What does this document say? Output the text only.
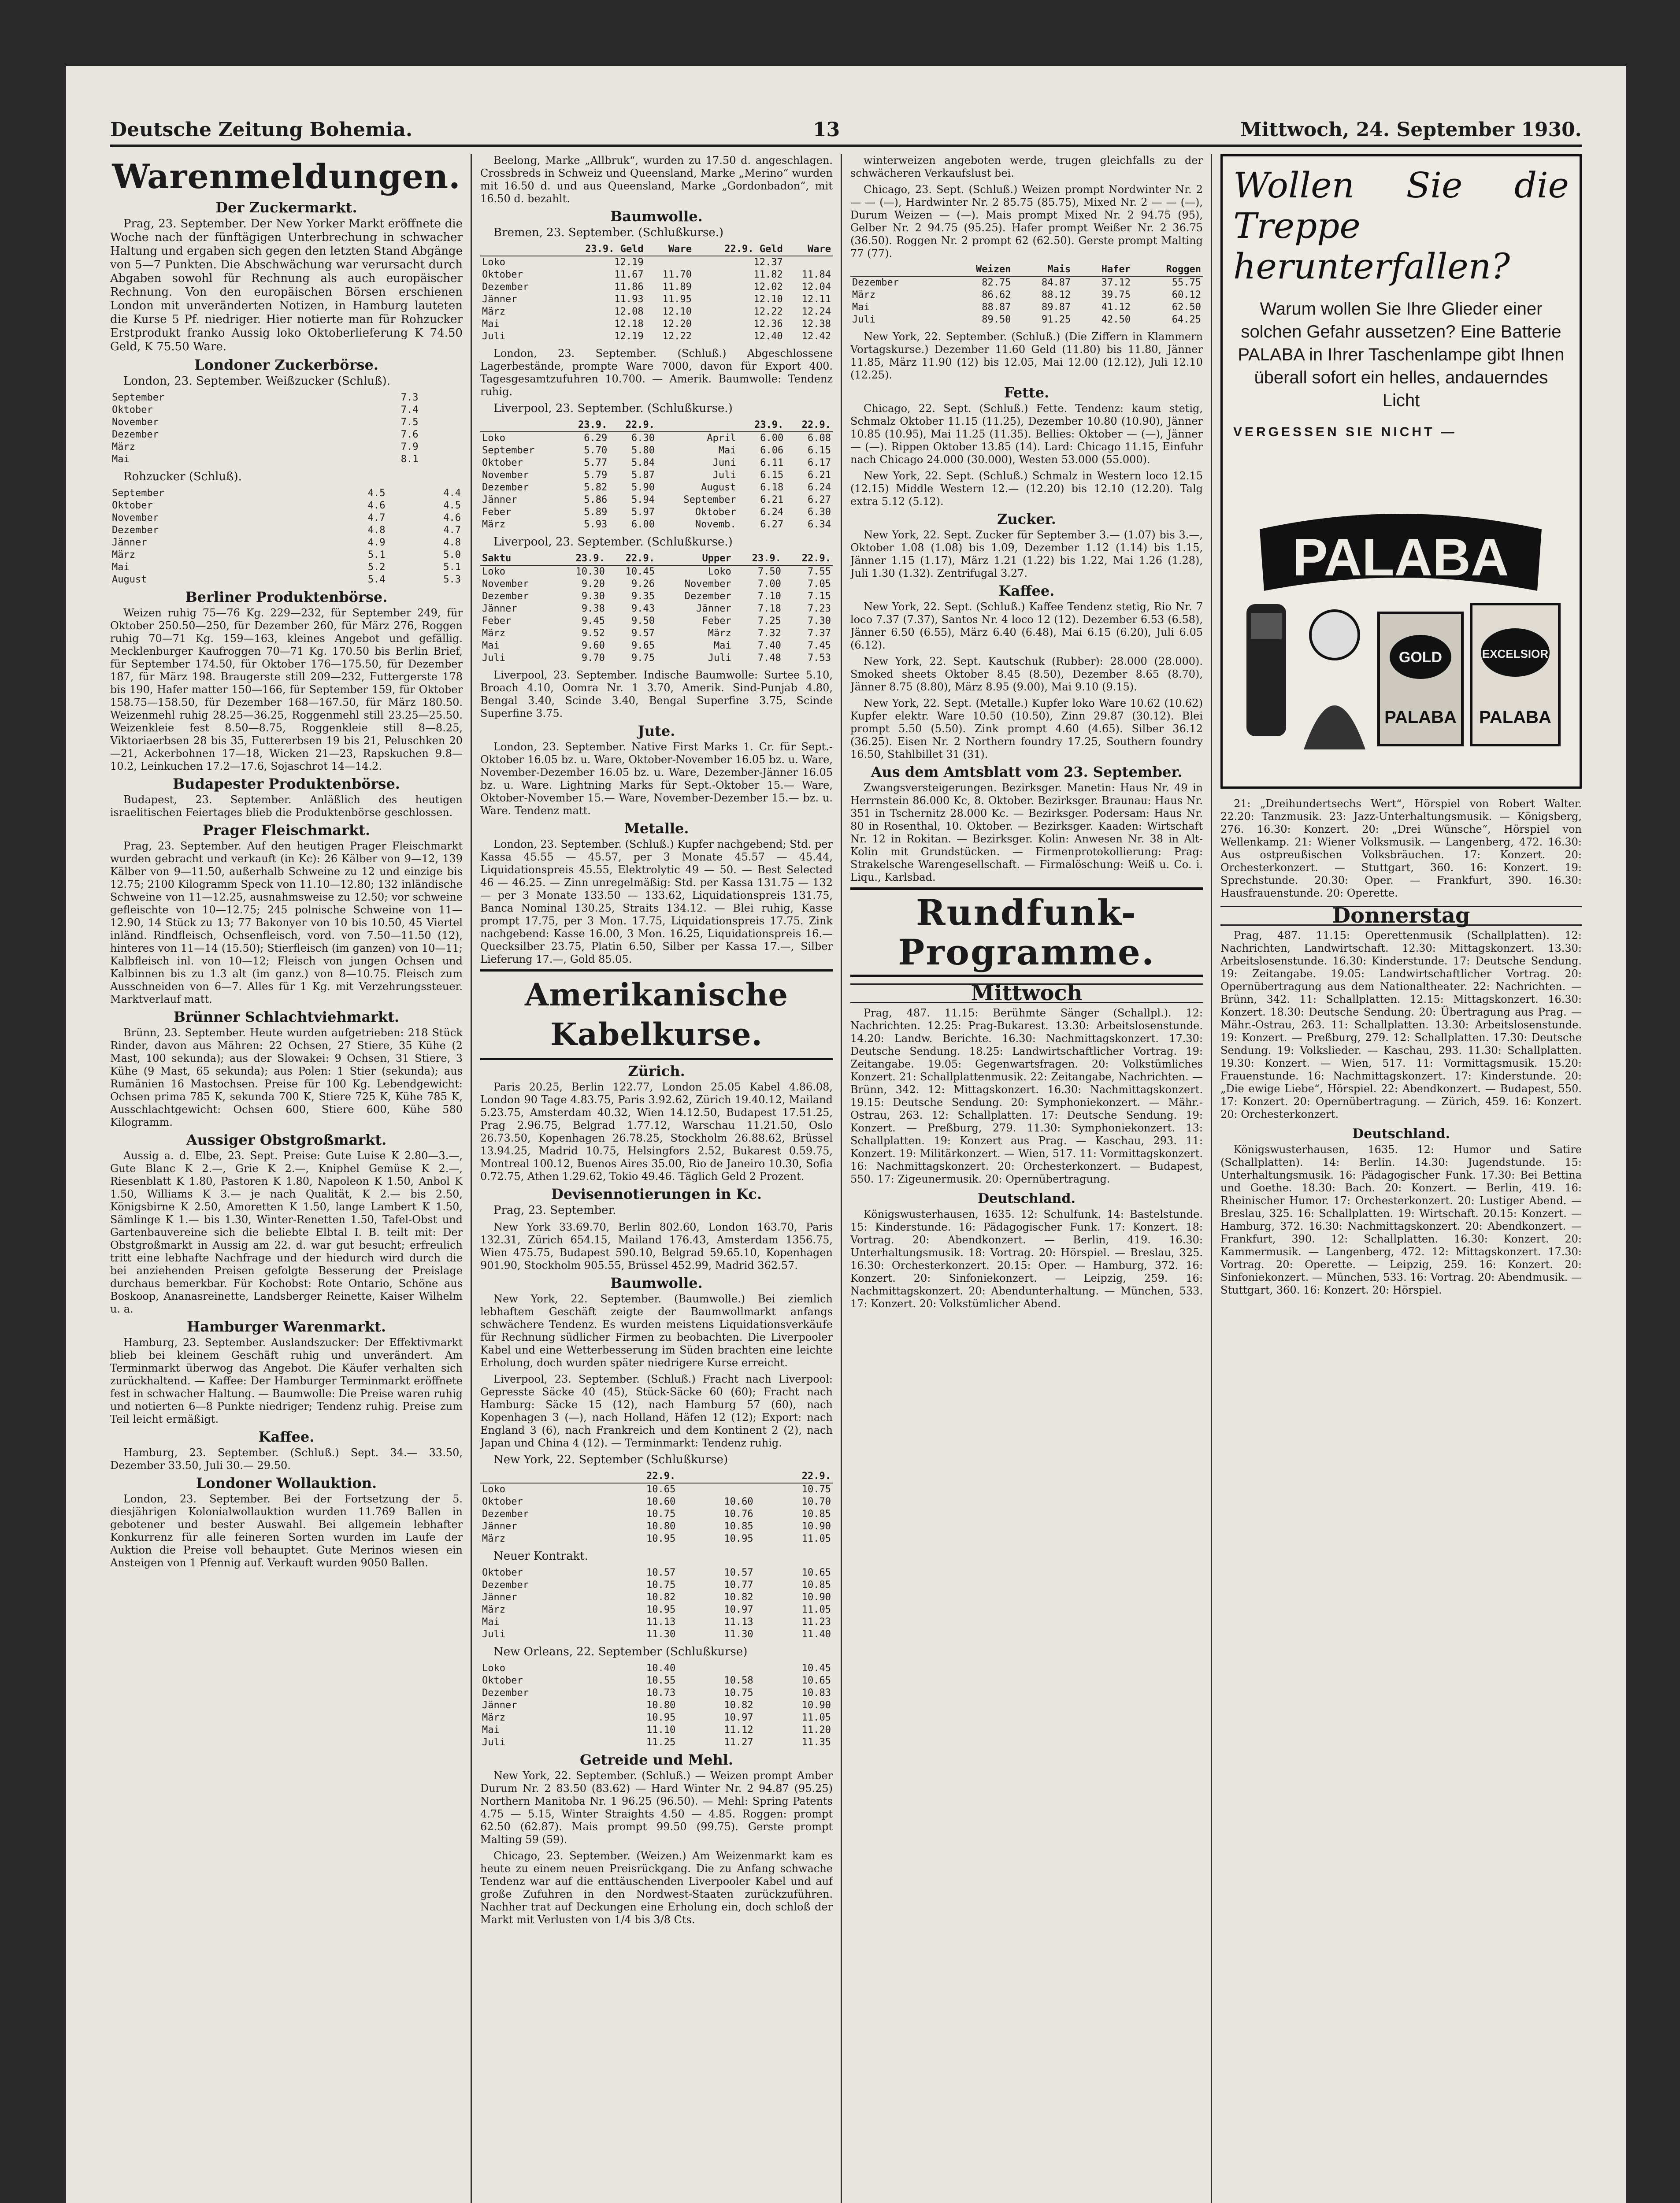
Deutsche Zeitung Bohemia.	13	Mittwoch, 24. September 1930.
Warenmeldungen.
Der Zuckermarkt.

Prag, 23. September. Der New Yorker Markt eröffnete die Woche nach der fünftägigen Unterbrechung in schwacher Haltung und ergaben sich gegen den letzten Stand Abgänge von 5—7 Punkten. Die Abschwächung war verursacht durch Abgaben sowohl für Rechnung als auch europäischer Rechnung. Von den europäischen Börsen erschienen London mit unveränderten Notizen, in Hamburg lauteten die Kurse 5 Pf. niedriger. Hier notierte man für Rohzucker Erstprodukt franko Aussig loko Oktoberlieferung K 74.50 Geld, K 75.50 Ware.

Londoner Zuckerbörse.

London, 23. September. Weißzucker (Schluß).

September	7.3			
Oktober	7.4			
November	7.5			
Dezember	7.6			
März	7.9			
Mai	8.1			

Rohzucker (Schluß).

September	4.5	4.4
Oktober	4.6	4.5
November	4.7	4.6
Dezember	4.8	4.7
Jänner	4.9	4.8
März	5.1	5.0
Mai	5.2	5.1
August	5.4	5.3
Berliner Produktenbörse.

Weizen ruhig 75—76 Kg. 229—232, für September 249, für Oktober 250.50—250, für Dezember 260, für März 276, Roggen ruhig 70—71 Kg. 159—163, kleines Angebot und gefällig. Mecklenburger Kaufroggen 70—71 Kg. 170.50 bis Berlin Brief, für September 174.50, für Oktober 176—175.50, für Dezember 187, für März 198. Braugerste still 209—232, Futtergerste 178 bis 190, Hafer matter 150—166, für September 159, für Oktober 158.75—158.50, für Dezember 168—167.50, für März 180.50. Weizenmehl ruhig 28.25—36.25, Roggenmehl still 23.25—25.50. Weizenkleie fest 8.50—8.75, Roggenkleie still 8—8.25, Viktoriaerbsen 28 bis 35, Futtererbsen 19 bis 21, Peluschken 20—21, Ackerbohnen 17—18, Wicken 21—23, Rapskuchen 9.8—10.2, Leinkuchen 17.2—17.6, Sojaschrot 14—14.2.

Budapester Produktenbörse.

Budapest, 23. September. Anläßlich des heutigen israelitischen Feiertages blieb die Produktenbörse geschlossen.

Prager Fleischmarkt.

Prag, 23. September. Auf den heutigen Prager Fleischmarkt wurden gebracht und verkauft (in Kc): 26 Kälber von 9—12, 139 Kälber von 9—11.50, außerhalb Schweine zu 12 und einzige bis 12.75; 2100 Kilogramm Speck von 11.10—12.80; 132 inländische Schweine von 11—12.25, ausnahmsweise zu 12.50; vor schweine gefleischte von 10—12.75; 245 polnische Schweine von 11—12.90, 14 Stück zu 13; 77 Bakonyer von 10 bis 10.50, 45 Viertel inländ. Rindfleisch, Ochsenfleisch, vord. von 7.50—11.50 (12), hinteres von 11—14 (15.50); Stierfleisch (im ganzen) von 10—11; Kalbfleisch inl. von 10—12; Fleisch von jungen Ochsen und Kalbinnen bis zu 1.3 alt (im ganz.) von 8—10.75. Fleisch zum Ausschneiden von 6—7. Alles für 1 Kg. mit Verzehrungssteuer. Marktverlauf matt.

Brünner Schlachtviehmarkt.

Brünn, 23. September. Heute wurden aufgetrieben: 218 Stück Rinder, davon aus Mähren: 22 Ochsen, 27 Stiere, 35 Kühe (2 Mast, 100 sekunda); aus der Slowakei: 9 Ochsen, 31 Stiere, 3 Kühe (9 Mast, 65 sekunda); aus Polen: 1 Stier (sekunda); aus Rumänien 16 Mastochsen. Preise für 100 Kg. Lebendgewicht: Ochsen prima 785 K, sekunda 700 K, Stiere 725 K, Kühe 785 K, Ausschlachtgewicht: Ochsen 600, Stiere 600, Kühe 580 Kilogramm.

Aussiger Obstgroßmarkt.

Aussig a. d. Elbe, 23. Sept. Preise: Gute Luise K 2.80—3.—, Gute Blanc K 2.—, Grie K 2.—, Kniphel Gemüse K 2.—, Riesenblatt K 1.80, Pastoren K 1.80, Napoleon K 1.50, Anbol K 1.50, Williams K 3.— je nach Qualität, K 2.— bis 2.50, Königsbirne K 2.50, Amoretten K 1.50, lange Lambert K 1.50, Sämlinge K 1.— bis 1.30, Winter-Renetten 1.50, Tafel-Obst und Gartenbauvereine sich die beliebte Elbtal I. B. teilt mit: Der Obstgroßmarkt in Aussig am 22. d. war gut besucht; erfreulich tritt eine lebhafte Nachfrage und der hiedurch wird durch die bei anziehenden Preisen gefolgte Besserung der Preislage durchaus bemerkbar. Für Kochobst: Rote Ontario, Schöne aus Boskoop, Ananasreinette, Landsberger Reinette, Kaiser Wilhelm u. a.

Hamburger Warenmarkt.

Hamburg, 23. September. Auslandszucker: Der Effektivmarkt blieb bei kleinem Geschäft ruhig und unverändert. Am Terminmarkt überwog das Angebot. Die Käufer verhalten sich zurückhaltend. — Kaffee: Der Hamburger Terminmarkt eröffnete fest in schwacher Haltung. — Baumwolle: Die Preise waren ruhig und notierten 6—8 Punkte niedriger; Tendenz ruhig. Preise zum Teil leicht ermäßigt.

Kaffee.

Hamburg, 23. September. (Schluß.) Sept. 34.— 33.50, Dezember 33.50, Juli 30.— 29.50.

Londoner Wollauktion.

London, 23. September. Bei der Fortsetzung der 5. diesjährigen Kolonialwollauktion wurden 11.769 Ballen in gebotener und bester Auswahl. Bei allgemein lebhafter Konkurrenz für alle feineren Sorten wurden im Laufe der Auktion die Preise voll behauptet. Gute Merinos wiesen ein Ansteigen von 1 Pfennig auf. Verkauft wurden 9050 Ballen.

Beelong, Marke „Allbruk“, wurden zu 17.50 d. angeschlagen. Crossbreds in Schweiz und Queensland, Marke „Merino“ wurden mit 16.50 d. und aus Queensland, Marke „Gordonbadon“, mit 16.50 d. bezahlt.

Baumwolle.

Bremen, 23. September. (Schlußkurse.)

	23.9. Geld	Ware	22.9. Geld	Ware
Loko	12.19		12.37	
Oktober	11.67	11.70	11.82	11.84
Dezember	11.86	11.89	12.02	12.04
Jänner	11.93	11.95	12.10	12.11
März	12.08	12.10	12.22	12.24
Mai	12.18	12.20	12.36	12.38
Juli	12.19	12.22	12.40	12.42

London, 23. September. (Schluß.) Abgeschlossene Lagerbestände, prompte Ware 7000, davon für Export 400. Tagesgesamtzufuhren 10.700. — Amerik. Baumwolle: Tendenz ruhig.

Liverpool, 23. September. (Schlußkurse.)

	23.9.	22.9.		23.9.	22.9.
Loko	6.29	6.30	April	6.00	6.08
September	5.70	5.80	Mai	6.06	6.15
Oktober	5.77	5.84	Juni	6.11	6.17
November	5.79	5.87	Juli	6.15	6.21
Dezember	5.82	5.90	August	6.18	6.24
Jänner	5.86	5.94	September	6.21	6.27
Feber	5.89	5.97	Oktober	6.24	6.30
März	5.93	6.00	Novemb.	6.27	6.34

Liverpool, 23. September. (Schlußkurse.)

Saktu	23.9.	22.9.	Upper	23.9.	22.9.
Loko	10.30	10.45	Loko	7.50	7.55
November	9.20	9.26	November	7.00	7.05
Dezember	9.30	9.35	Dezember	7.10	7.15
Jänner	9.38	9.43	Jänner	7.18	7.23
Feber	9.45	9.50	Feber	7.25	7.30
März	9.52	9.57	März	7.32	7.37
Mai	9.60	9.65	Mai	7.40	7.45
Juli	9.70	9.75	Juli	7.48	7.53

Liverpool, 23. September. Indische Baumwolle: Surtee 5.10, Broach 4.10, Oomra Nr. 1 3.70, Amerik. Sind-Punjab 4.80, Bengal 3.40, Scinde 3.40, Bengal Superfine 3.75, Scinde Superfine 3.75.

Jute.

London, 23. September. Native First Marks 1. Cr. für Sept.-Oktober 16.05 bz. u. Ware, Oktober-November 16.05 bz. u. Ware, November-Dezember 16.05 bz. u. Ware, Dezember-Jänner 16.05 bz. u. Ware. Lightning Marks für Sept.-Oktober 15.— Ware, Oktober-November 15.— Ware, November-Dezember 15.— bz. u. Ware. Tendenz matt.

Metalle.

London, 23. September. (Schluß.) Kupfer nachgebend; Std. per Kassa 45.55 — 45.57, per 3 Monate 45.57 — 45.44, Liquidationspreis 45.55, Elektrolytic 49 — 50. — Best Selected 46 — 46.25. — Zinn unregelmäßig: Std. per Kassa 131.75 — 132 — per 3 Monate 133.50 — 133.62, Liquidationspreis 131.75, Banca Nominal 130.25, Straits 134.12. — Blei ruhig, Kasse prompt 17.75, per 3 Mon. 17.75, Liquidationspreis 17.75. Zink nachgebend: Kasse 16.00, 3 Mon. 16.25, Liquidationspreis 16.— Quecksilber 23.75, Platin 6.50, Silber per Kassa 17.—, Silber Lieferung 17.—, Gold 85.05.

Amerikanische Kabelkurse.
Zürich.

Paris 20.25, Berlin 122.77, London 25.05 Kabel 4.86.08, London 90 Tage 4.83.75, Paris 3.92.62, Zürich 19.40.12, Mailand 5.23.75, Amsterdam 40.32, Wien 14.12.50, Budapest 17.51.25, Prag 2.96.75, Belgrad 1.77.12, Warschau 11.21.50, Oslo 26.73.50, Kopenhagen 26.78.25, Stockholm 26.88.62, Brüssel 13.94.25, Madrid 10.75, Helsingfors 2.52, Bukarest 0.59.75, Montreal 100.12, Buenos Aires 35.00, Rio de Janeiro 10.30, Sofia 0.72.75, Athen 1.29.62, Tokio 49.46. Täglich Geld 2 Prozent.

Devisennotierungen in Kc.

Prag, 23. September.

New York 33.69.70, Berlin 802.60, London 163.70, Paris 132.31, Zürich 654.15, Mailand 176.43, Amsterdam 1356.75, Wien 475.75, Budapest 590.10, Belgrad 59.65.10, Kopenhagen 901.90, Stockholm 905.55, Brüssel 452.99, Madrid 362.57.

Baumwolle.

New York, 22. September. (Baumwolle.) Bei ziemlich lebhaftem Geschäft zeigte der Baumwollmarkt anfangs schwächere Tendenz. Es wurden meistens Liquidationsverkäufe für Rechnung südlicher Firmen zu beobachten. Die Liverpooler Kabel und eine Wetterbesserung im Süden brachten eine leichte Erholung, doch wurden später niedrigere Kurse erreicht.

Liverpool, 23. September. (Schluß.) Fracht nach Liverpool: Gepresste Säcke 40 (45), Stück-Säcke 60 (60); Fracht nach Hamburg: Säcke 15 (12), nach Hamburg 57 (60), nach Kopenhagen 3 (—), nach Holland, Häfen 12 (12); Export: nach England 3 (6), nach Frankreich und dem Kontinent 2 (2), nach Japan und China 4 (12). — Terminmarkt: Tendenz ruhig.

New York, 22. September (Schlußkurse)

	22.9.		22.9.
Loko	10.65		10.75
Oktober	10.60	10.60	10.70
Dezember	10.75	10.76	10.85
Jänner	10.80	10.85	10.90
März	10.95	10.95	11.05

Neuer Kontrakt.

Oktober	10.57	10.57	10.65
Dezember	10.75	10.77	10.85
Jänner	10.82	10.82	10.90
März	10.95	10.97	11.05
Mai	11.13	11.13	11.23
Juli	11.30	11.30	11.40

New Orleans, 22. September (Schlußkurse)

Loko	10.40		10.45
Oktober	10.55	10.58	10.65
Dezember	10.73	10.75	10.83
Jänner	10.80	10.82	10.90
März	10.95	10.97	11.05
Mai	11.10	11.12	11.20
Juli	11.25	11.27	11.35
Getreide und Mehl.

New York, 22. September. (Schluß.) — Weizen prompt Amber Durum Nr. 2 83.50 (83.62) — Hard Winter Nr. 2 94.87 (95.25) Northern Manitoba Nr. 1 96.25 (96.50). — Mehl: Spring Patents 4.75 — 5.15, Winter Straights 4.50 — 4.85. Roggen: prompt 62.50 (62.87). Mais prompt 99.50 (99.75). Gerste prompt Malting 59 (59).

Chicago, 23. September. (Weizen.) Am Weizenmarkt kam es heute zu einem neuen Preisrückgang. Die zu Anfang schwache Tendenz war auf die enttäuschenden Liverpooler Kabel und auf große Zufuhren in den Nordwest-Staaten zurückzuführen. Nachher trat auf Deckungen eine Erholung ein, doch schloß der Markt mit Verlusten von 1/4 bis 3/8 Cts.

winterweizen angeboten werde, trugen gleichfalls zu der schwächeren Verkaufslust bei.

Chicago, 23. Sept. (Schluß.) Weizen prompt Nordwinter Nr. 2 — — (—), Hardwinter Nr. 2 85.75 (85.75), Mixed Nr. 2 — — (—), Durum Weizen — (—). Mais prompt Mixed Nr. 2 94.75 (95), Gelber Nr. 2 94.75 (95.25). Hafer prompt Weißer Nr. 2 36.75 (36.50). Roggen Nr. 2 prompt 62 (62.50). Gerste prompt Malting 77 (77).

	Weizen	Mais	Hafer	Roggen
Dezember	82.75	84.87	37.12	55.75
März	86.62	88.12	39.75	60.12
Mai	88.87	89.87	41.12	62.50
Juli	89.50	91.25	42.50	64.25

New York, 22. September. (Schluß.) (Die Ziffern in Klammern Vortagskurse.) Dezember 11.60 Geld (11.80) bis 11.80, Jänner 11.85, März 11.90 (12) bis 12.05, Mai 12.00 (12.12), Juli 12.10 (12.25).

Fette.

Chicago, 22. Sept. (Schluß.) Fette. Tendenz: kaum stetig, Schmalz Oktober 11.15 (11.25), Dezember 10.80 (10.90), Jänner 10.85 (10.95), Mai 11.25 (11.35). Bellies: Oktober — (—), Jänner — (—). Rippen Oktober 13.85 (14). Lard: Chicago 11.15, Einfuhr nach Chicago 24.000 (30.000), Westen 53.000 (55.000).

New York, 22. Sept. (Schluß.) Schmalz in Western loco 12.15 (12.15) Middle Western 12.— (12.20) bis 12.10 (12.20). Talg extra 5.12 (5.12).

Zucker.

New York, 22. Sept. Zucker für September 3.— (1.07) bis 3.—, Oktober 1.08 (1.08) bis 1.09, Dezember 1.12 (1.14) bis 1.15, Jänner 1.15 (1.17), März 1.21 (1.22) bis 1.22, Mai 1.26 (1.28), Juli 1.30 (1.32). Zentrifugal 3.27.

Kaffee.

New York, 22. Sept. (Schluß.) Kaffee Tendenz stetig, Rio Nr. 7 loco 7.37 (7.37), Santos Nr. 4 loco 12 (12). Dezember 6.53 (6.58), Jänner 6.50 (6.55), März 6.40 (6.48), Mai 6.15 (6.20), Juli 6.05 (6.12).

New York, 22. Sept. Kautschuk (Rubber): 28.000 (28.000). Smoked sheets Oktober 8.45 (8.50), Dezember 8.65 (8.70), Jänner 8.75 (8.80), März 8.95 (9.00), Mai 9.10 (9.15).

New York, 22. Sept. (Metalle.) Kupfer loko Ware 10.62 (10.62) Kupfer elektr. Ware 10.50 (10.50), Zinn 29.87 (30.12). Blei prompt 5.50 (5.50). Zink prompt 4.60 (4.65). Silber 36.12 (36.25). Eisen Nr. 2 Northern foundry 17.25, Southern foundry 16.50, Stahlbillet 31 (31).

Aus dem Amtsblatt vom 23. September.

Zwangsversteigerungen. Bezirksger. Manetin: Haus Nr. 49 in Herrnstein 86.000 Kc, 8. Oktober. Bezirksger. Braunau: Haus Nr. 351 in Tschernitz 28.000 Kc. — Bezirksger. Podersam: Haus Nr. 80 in Rosenthal, 10. Oktober. — Bezirksger. Kaaden: Wirtschaft Nr. 12 in Rokitan. — Bezirksger. Kolin: Anwesen Nr. 38 in Alt-Kolin mit Grundstücken. — Firmenprotokollierung: Prag: Strakelsche Warengesellschaft. — Firmalöschung: Weiß u. Co. i. Liqu., Karlsbad.

Rundfunk-Programme.
Mittwoch

Prag, 487. 11.15: Berühmte Sänger (Schallpl.). 12: Nachrichten. 12.25: Prag-Bukarest. 13.30: Arbeitslosenstunde. 14.20: Landw. Berichte. 16.30: Nachmittagskonzert. 17.30: Deutsche Sendung. 18.25: Landwirtschaftlicher Vortrag. 19: Zeitangabe. 19.05: Gegenwartsfragen. 20: Volkstümliches Konzert. 21: Schallplattenmusik. 22: Zeitangabe, Nachrichten. — Brünn, 342. 12: Mittagskonzert. 16.30: Nachmittagskonzert. 19.15: Deutsche Sendung. 20: Symphoniekonzert. — Mähr.-Ostrau, 263. 12: Schallplatten. 17: Deutsche Sendung. 19: Konzert. — Preßburg, 279. 11.30: Symphoniekonzert. 13: Schallplatten. 19: Konzert aus Prag. — Kaschau, 293. 11: Konzert. 19: Militärkonzert. — Wien, 517. 11: Vormittagskonzert. 16: Nachmittagskonzert. 20: Orchesterkonzert. — Budapest, 550. 17: Zigeunermusik. 20: Opernübertragung.

Deutschland.

Königswusterhausen, 1635. 12: Schulfunk. 14: Bastelstunde. 15: Kinderstunde. 16: Pädagogischer Funk. 17: Konzert. 18: Vortrag. 20: Abendkonzert. — Berlin, 419. 16.30: Unterhaltungsmusik. 18: Vortrag. 20: Hörspiel. — Breslau, 325. 16.30: Orchesterkonzert. 20.15: Oper. — Hamburg, 372. 16: Konzert. 20: Sinfoniekonzert. — Leipzig, 259. 16: Nachmittagskonzert. 20: Abendunterhaltung. — München, 533. 17: Konzert. 20: Volkstümlicher Abend.

Wollen Sie die Treppe herunterfallen?
Warum wollen Sie Ihre Glieder einer solchen Gefahr aussetzen? Eine Batterie PALABA in Ihrer Taschenlampe gibt Ihnen überall sofort ein helles, andauerndes Licht
VERGESSEN SIE NICHT —
PALABA
GOLD
PALABA
EXCELSIOR
PALABA

21: „Dreihundertsechs Wert“, Hörspiel von Robert Walter. 22.20: Tanzmusik. 23: Jazz-Unterhaltungsmusik. — Königsberg, 276. 16.30: Konzert. 20: „Drei Wünsche“, Hörspiel von Wellenkamp. 21: Wiener Volksmusik. — Langenberg, 472. 16.30: Aus ostpreußischen Volksbräuchen. 17: Konzert. 20: Orchesterkonzert. — Stuttgart, 360. 16: Konzert. 19: Sprechstunde. 20.30: Oper. — Frankfurt, 390. 16.30: Hausfrauenstunde. 20: Operette.

Donnerstag

Prag, 487. 11.15: Operettenmusik (Schallplatten). 12: Nachrichten, Landwirtschaft. 12.30: Mittagskonzert. 13.30: Arbeitslosenstunde. 16.30: Kinderstunde. 17: Deutsche Sendung. 19: Zeitangabe. 19.05: Landwirtschaftlicher Vortrag. 20: Opernübertragung aus dem Nationaltheater. 22: Nachrichten. — Brünn, 342. 11: Schallplatten. 12.15: Mittagskonzert. 16.30: Konzert. 18.30: Deutsche Sendung. 20: Übertragung aus Prag. — Mähr.-Ostrau, 263. 11: Schallplatten. 13.30: Arbeitslosenstunde. 19: Konzert. — Preßburg, 279. 12: Schallplatten. 17.30: Deutsche Sendung. 19: Volkslieder. — Kaschau, 293. 11.30: Schallplatten. 19.30: Konzert. — Wien, 517. 11: Vormittagsmusik. 15.20: Frauenstunde. 16: Nachmittagskonzert. 17: Kinderstunde. 20: „Die ewige Liebe“, Hörspiel. 22: Abendkonzert. — Budapest, 550. 17: Konzert. 20: Opernübertragung. — Zürich, 459. 16: Konzert. 20: Orchesterkonzert.

Deutschland.

Königswusterhausen, 1635. 12: Humor und Satire (Schallplatten). 14: Berlin. 14.30: Jugendstunde. 15: Unterhaltungsmusik. 16: Pädagogischer Funk. 17.30: Bei Bettina und Goethe. 18.30: Bach. 20: Konzert. — Berlin, 419. 16: Rheinischer Humor. 17: Orchesterkonzert. 20: Lustiger Abend. — Breslau, 325. 16: Schallplatten. 19: Wirtschaft. 20.15: Konzert. — Hamburg, 372. 16.30: Nachmittagskonzert. 20: Abendkonzert. — Frankfurt, 390. 12: Schallplatten. 16.30: Konzert. 20: Kammermusik. — Langenberg, 472. 12: Mittagskonzert. 17.30: Vortrag. 20: Operette. — Leipzig, 259. 16: Konzert. 20: Sinfoniekonzert. — München, 533. 16: Vortrag. 20: Abendmusik. — Stuttgart, 360. 16: Konzert. 20: Hörspiel.
